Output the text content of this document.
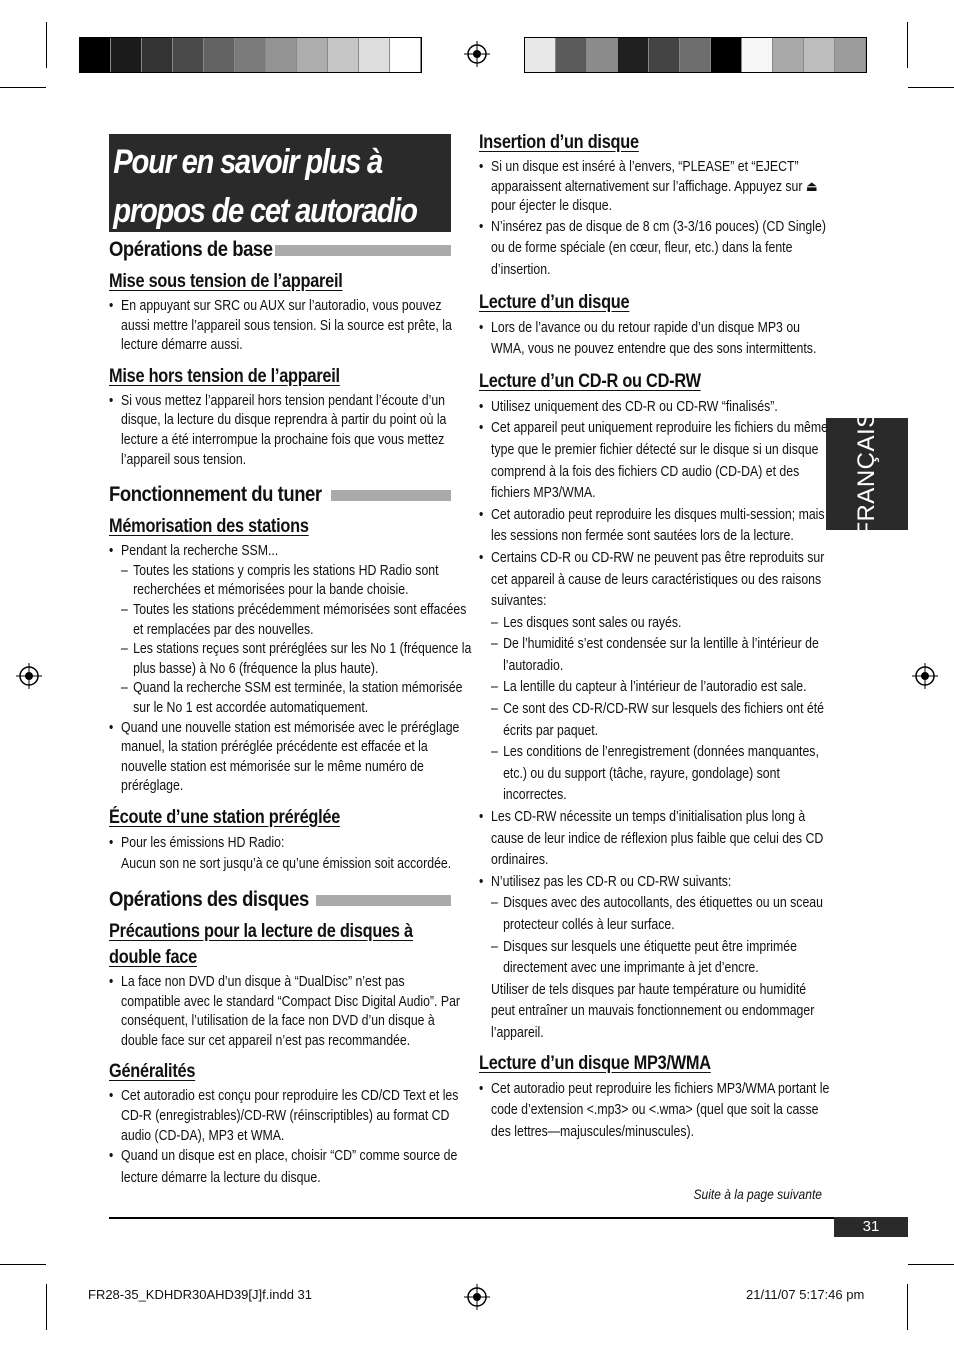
Pour en savoir plus à
propos de cet autoradio
FRANÇAIS
Opérations de base
Mise sous tension de l’appareil
• En appuyant sur SRC ou AUX sur l’autoradio, vous pouvez aussi mettre l’appareil sous tension. Si la source est prête, la lecture démarre aussi.
Mise hors tension de l’appareil
• Si vous mettez l’appareil hors tension pendant l’écoute d’un disque, la lecture du disque reprendra à partir du point où la lecture a été interrompue la prochaine fois que vous mettez l’appareil sous tension.
Fonctionnement du tuner
Mémorisation des stations
• Pendant la recherche SSM...
– Toutes les stations y compris les stations HD Radio sont recherchées et mémorisées pour la bande choisie.
– Toutes les stations précédemment mémorisées sont effacées et remplacées par des nouvelles.
– Les stations reçues sont préréglées sur les No 1 (fréquence la plus basse) à No 6 (fréquence la plus haute).
– Quand la recherche SSM est terminée, la station mémorisée sur le No 1 est accordée automatiquement.
• Quand une nouvelle station est mémorisée avec le préréglage manuel, la station préréglée précédente est effacée et la nouvelle station est mémorisée sur le même numéro de préréglage.
Écoute d’une station préréglée
• Pour les émissions HD Radio:
Aucun son ne sort jusqu’à ce qu’une émission soit accordée.
Opérations des disques
Précautions pour la lecture de disques à
double face
• La face non DVD d’un disque à “DualDisc” n’est pas compatible avec le standard “Compact Disc Digital Audio”. Par conséquent, l’utilisation de la face non DVD d’un disque à double face sur cet appareil n’est pas recommandée.
Généralités
• Cet autoradio est conçu pour reproduire les CD/CD Text et les CD-R (enregistrables)/CD-RW (réinscriptibles) au format CD audio (CD-DA), MP3 et WMA.
• Quand un disque est en place, choisir “CD” comme source de lecture démarre la lecture du disque.
Insertion d’un disque
• Si un disque est inséré à l’envers, “PLEASE” et “EJECT” apparaissent alternativement sur l’affichage. Appuyez sur ⏏ pour éjecter le disque.
• N’insérez pas de disque de 8 cm (3-3/16 pouces) (CD Single) ou de forme spéciale (en cœur, fleur, etc.) dans la fente d’insertion.
Lecture d’un disque
• Lors de l’avance ou du retour rapide d’un disque MP3 ou WMA, vous ne pouvez entendre que des sons intermittents.
Lecture d’un CD-R ou CD-RW
• Utilisez uniquement des CD-R ou CD-RW “finalisés”.
• Cet appareil peut uniquement reproduire les fichiers du même type que le premier fichier détecté sur le disque si un disque comprend à la fois des fichiers CD audio (CD-DA) et des fichiers MP3/WMA.
• Cet autoradio peut reproduire les disques multi-session; mais les sessions non fermée sont sautées lors de la lecture.
• Certains CD-R ou CD-RW ne peuvent pas être reproduits sur cet appareil à cause de leurs caractéristiques ou des raisons suivantes:
– Les disques sont sales ou rayés.
– De l’humidité s’est condensée sur la lentille à l’intérieur de l’autoradio.
– La lentille du capteur à l’intérieur de l’autoradio est sale.
– Ce sont des CD-R/CD-RW sur lesquels des fichiers ont été écrits par paquet.
– Les conditions de l’enregistrement (données manquantes, etc.) ou du support (tâche, rayure, gondolage) sont incorrectes.
• Les CD-RW nécessite un temps d’initialisation plus long à cause de leur indice de réflexion plus faible que celui des CD ordinaires.
• N’utilisez pas les CD-R ou CD-RW suivants:
– Disques avec des autocollants, des étiquettes ou un sceau protecteur collés à leur surface.
– Disques sur lesquels une étiquette peut être imprimée directement avec une imprimante à jet d’encre.
Utiliser de tels disques par haute température ou humidité peut entraîner un mauvais fonctionnement ou endommager l’appareil.
Lecture d’un disque MP3/WMA
• Cet autoradio peut reproduire les fichiers MP3/WMA portant le code d’extension <.mp3> ou <.wma> (quel que soit la casse des lettres—majuscules/minuscules).
Suite à la page suivante
31
FR28-35_KDHDR30AHD39[J]f.indd 31	21/11/07 5:17:46 pm
